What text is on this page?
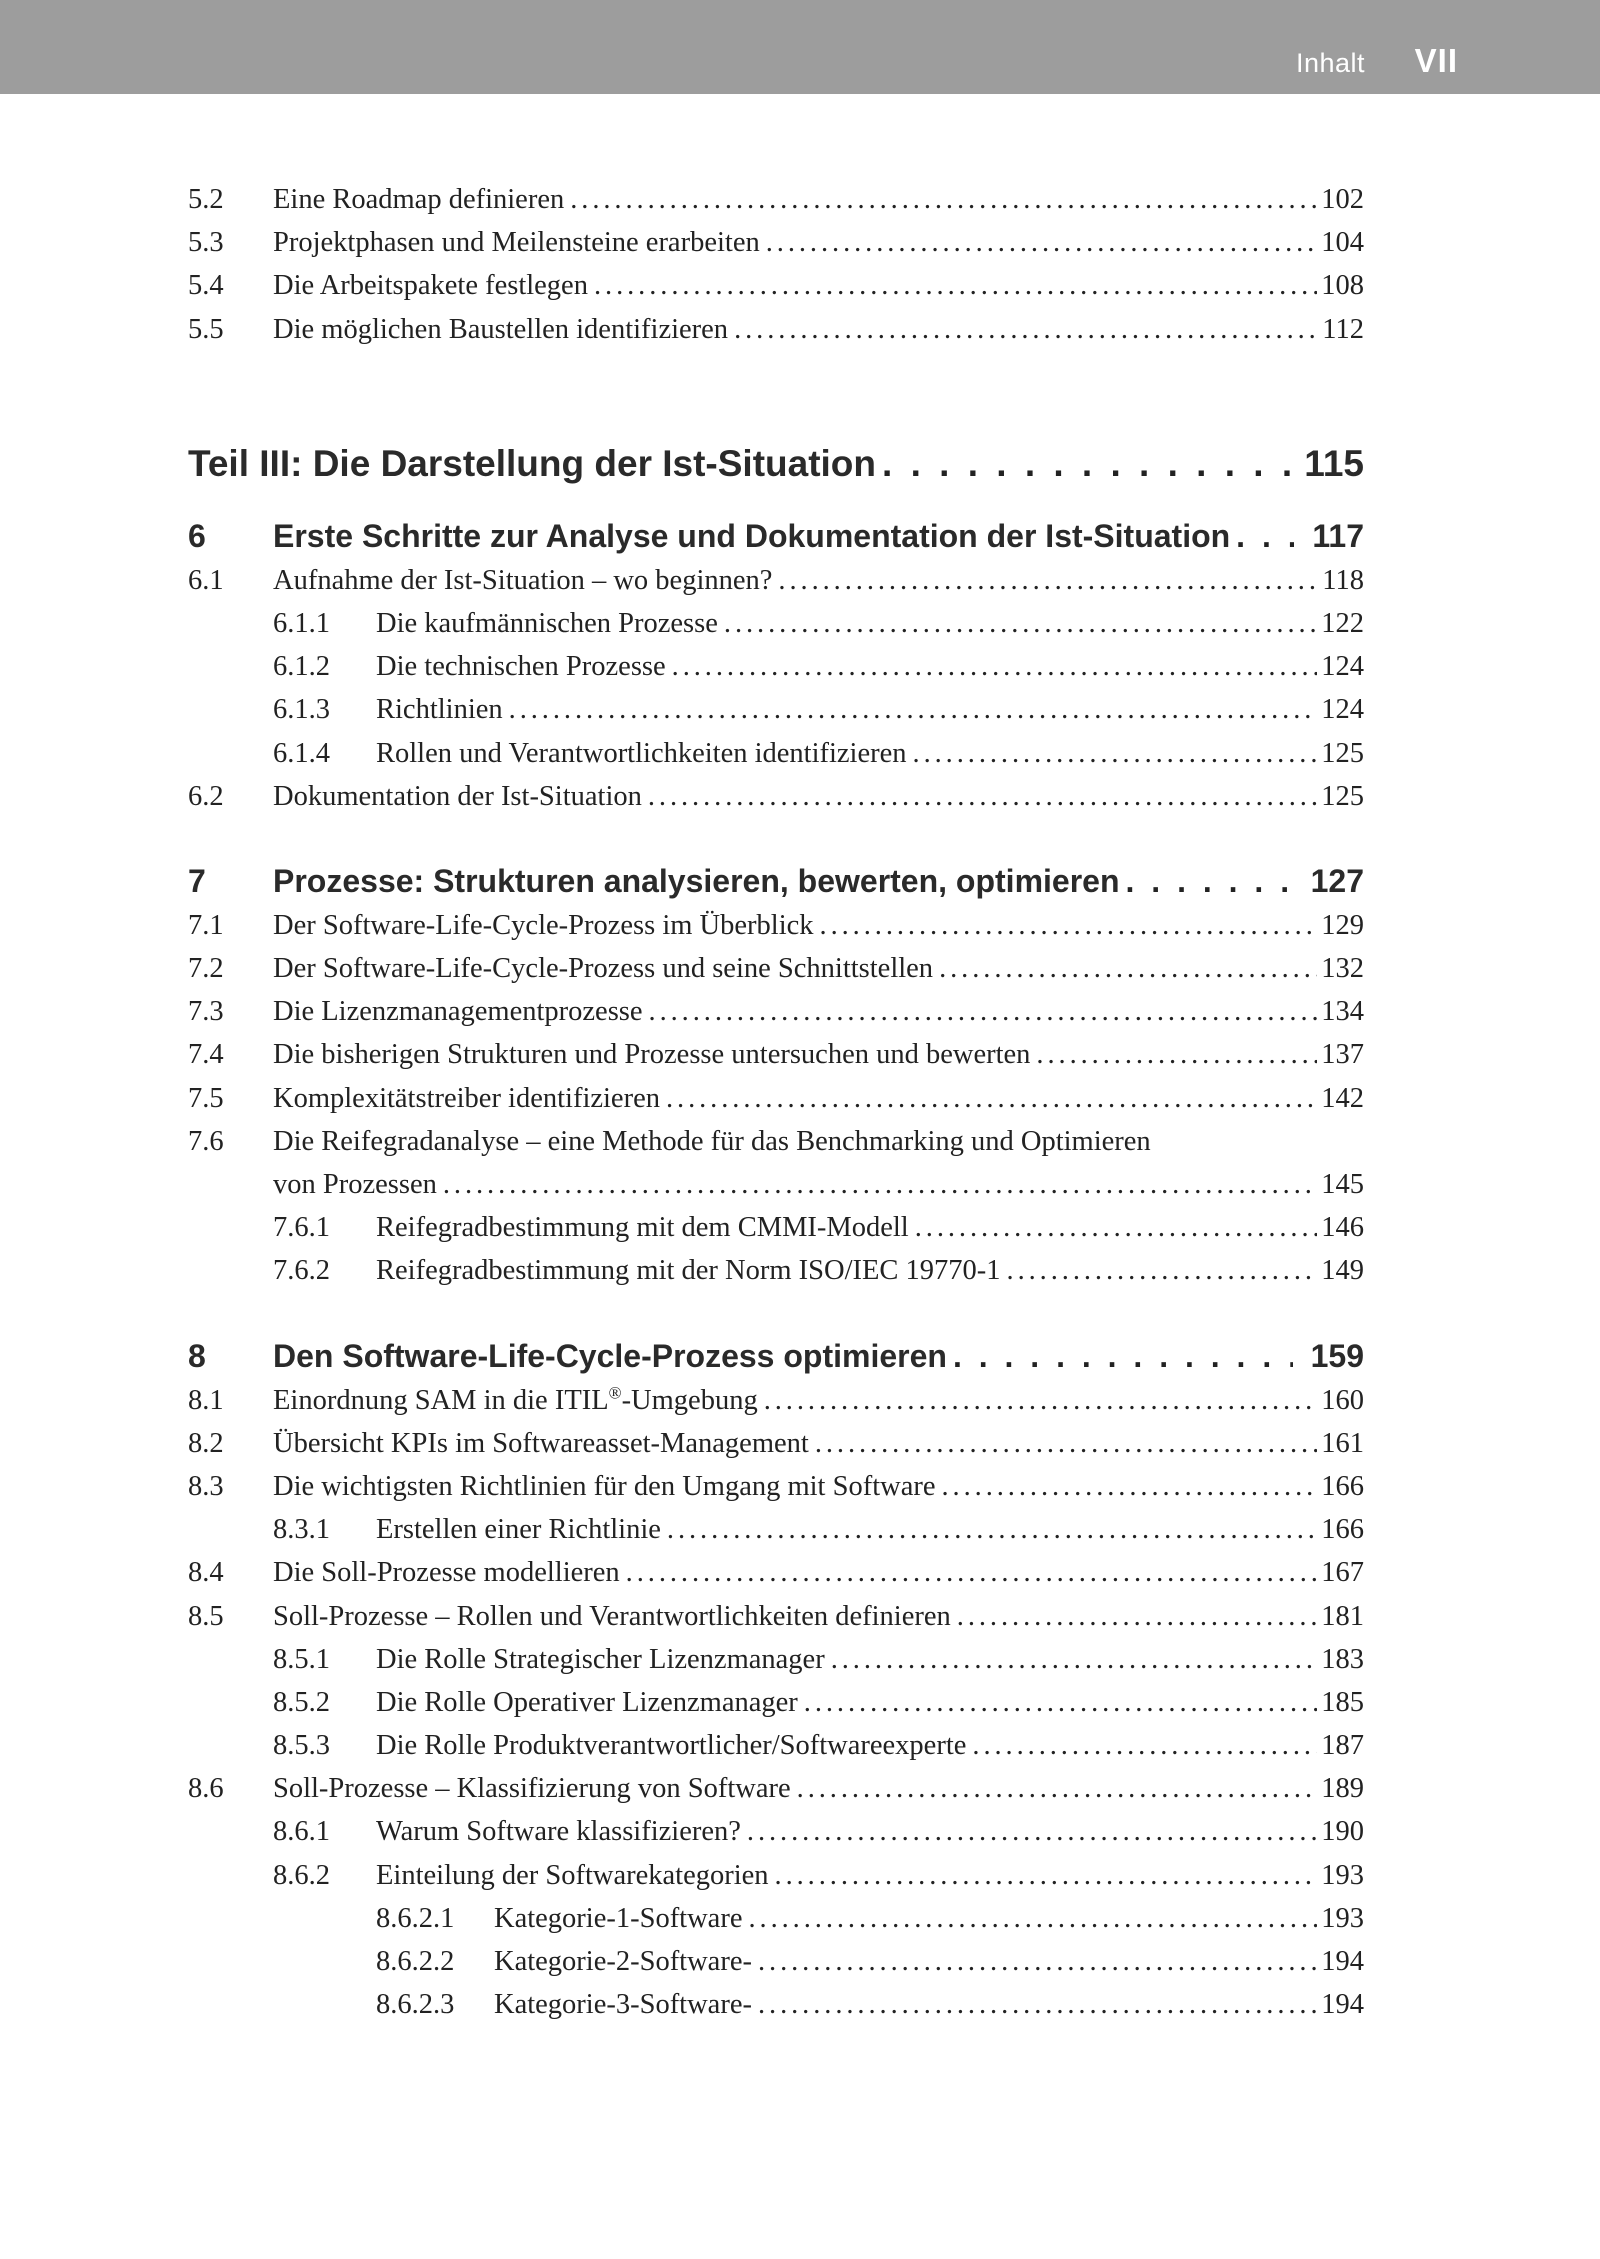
Inhalt VII
5.2 Eine Roadmap definieren . . .	102
5.3 Projektphasen und Meilensteine erarbeiten . . .	104
5.4 Die Arbeitspakete festlegen . . .	108
5.5 Die möglichen Baustellen identifizieren . . .	112
Teil III: Die Darstellung der Ist-Situation . . .	115
6 Erste Schritte zur Analyse und Dokumentation der Ist-Situation . . .	117
6.1 Aufnahme der Ist-Situation – wo beginnen? . . .	118
6.1.1 Die kaufmännischen Prozesse . . .	122
6.1.2 Die technischen Prozesse . . .	124
6.1.3 Richtlinien . . .	124
6.1.4 Rollen und Verantwortlichkeiten identifizieren . . .	125
6.2 Dokumentation der Ist-Situation . . .	125
7 Prozesse: Strukturen analysieren, bewerten, optimieren . . .	127
7.1 Der Software-Life-Cycle-Prozess im Überblick . . .	129
7.2 Der Software-Life-Cycle-Prozess und seine Schnittstellen . . .	132
7.3 Die Lizenzmanagementprozesse . . .	134
7.4 Die bisherigen Strukturen und Prozesse untersuchen und bewerten . . .	137
7.5 Komplexitätstreiber identifizieren . . .	142
7.6 Die Reifegradanalyse – eine Methode für das Benchmarking und Optimieren
von Prozessen . . .	145
7.6.1 Reifegradbestimmung mit dem CMMI-Modell . . .	146
7.6.2 Reifegradbestimmung mit der Norm ISO/IEC 19770-1 . . .	149
8 Den Software-Life-Cycle-Prozess optimieren . . .	159
8.1 Einordnung SAM in die ITIL®-Umgebung . . .	160
8.2 Übersicht KPIs im Softwareasset-Management . . .	161
8.3 Die wichtigsten Richtlinien für den Umgang mit Software . . .	166
8.3.1 Erstellen einer Richtlinie . . .	166
8.4 Die Soll-Prozesse modellieren . . .	167
8.5 Soll-Prozesse – Rollen und Verantwortlichkeiten definieren . . .	181
8.5.1 Die Rolle Strategischer Lizenzmanager . . .	183
8.5.2 Die Rolle Operativer Lizenzmanager . . .	185
8.5.3 Die Rolle Produktverantwortlicher/Softwareexperte . . .	187
8.6 Soll-Prozesse – Klassifizierung von Software . . .	189
8.6.1 Warum Software klassifizieren? . . .	190
8.6.2 Einteilung der Softwarekategorien . . .	193
8.6.2.1 Kategorie-1-Software . . .	193
8.6.2.2 Kategorie-2-Software- . . .	194
8.6.2.3 Kategorie-3-Software- . . .	194
